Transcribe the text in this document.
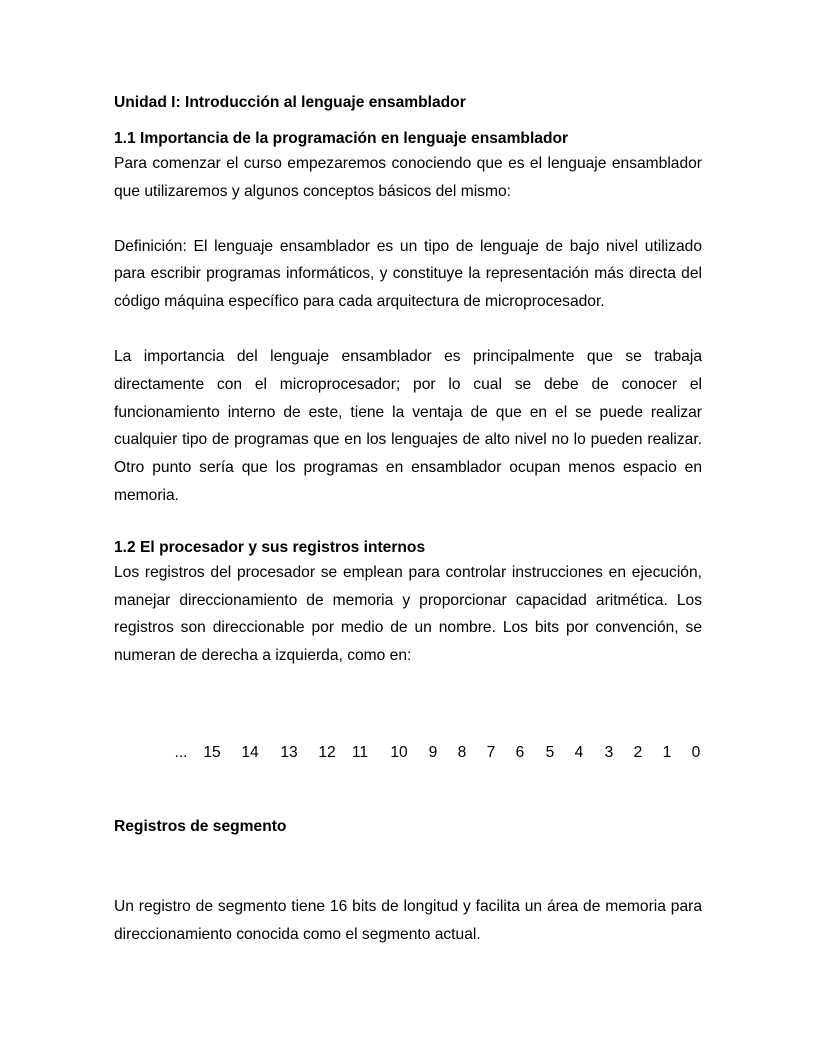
Unidad I: Introducción al lenguaje ensamblador

1.1 Importancia de la programación en lenguaje ensamblador

Para comenzar el curso empezaremos conociendo que es el lenguaje ensamblador que utilizaremos y algunos conceptos básicos del mismo:

Definición: El lenguaje ensamblador es un tipo de lenguaje de bajo nivel utilizado para escribir programas informáticos, y constituye la representación más directa del código máquina específico para cada arquitectura de microprocesador.

La importancia del lenguaje ensamblador es principalmente que se trabaja directamente con el microprocesador; por lo cual se debe de conocer el funcionamiento interno de este, tiene la ventaja de que en el se puede realizar cualquier tipo de programas que en los lenguajes de alto nivel no lo pueden realizar. Otro punto sería que los programas en ensamblador ocupan menos espacio en memoria.

1.2 El procesador y sus registros internos

Los registros del procesador se emplean para controlar instrucciones en ejecución, manejar direccionamiento de memoria y proporcionar capacidad aritmética. Los registros son direccionable por medio de un nombre. Los bits por convención, se numeran de derecha a izquierda, como en:

... 15 14 13 12 11 10 9 8 7 6 5 4 3 2 1 0

Registros de segmento

Un registro de segmento tiene 16 bits de longitud y facilita un área de memoria para direccionamiento conocida como el segmento actual.
